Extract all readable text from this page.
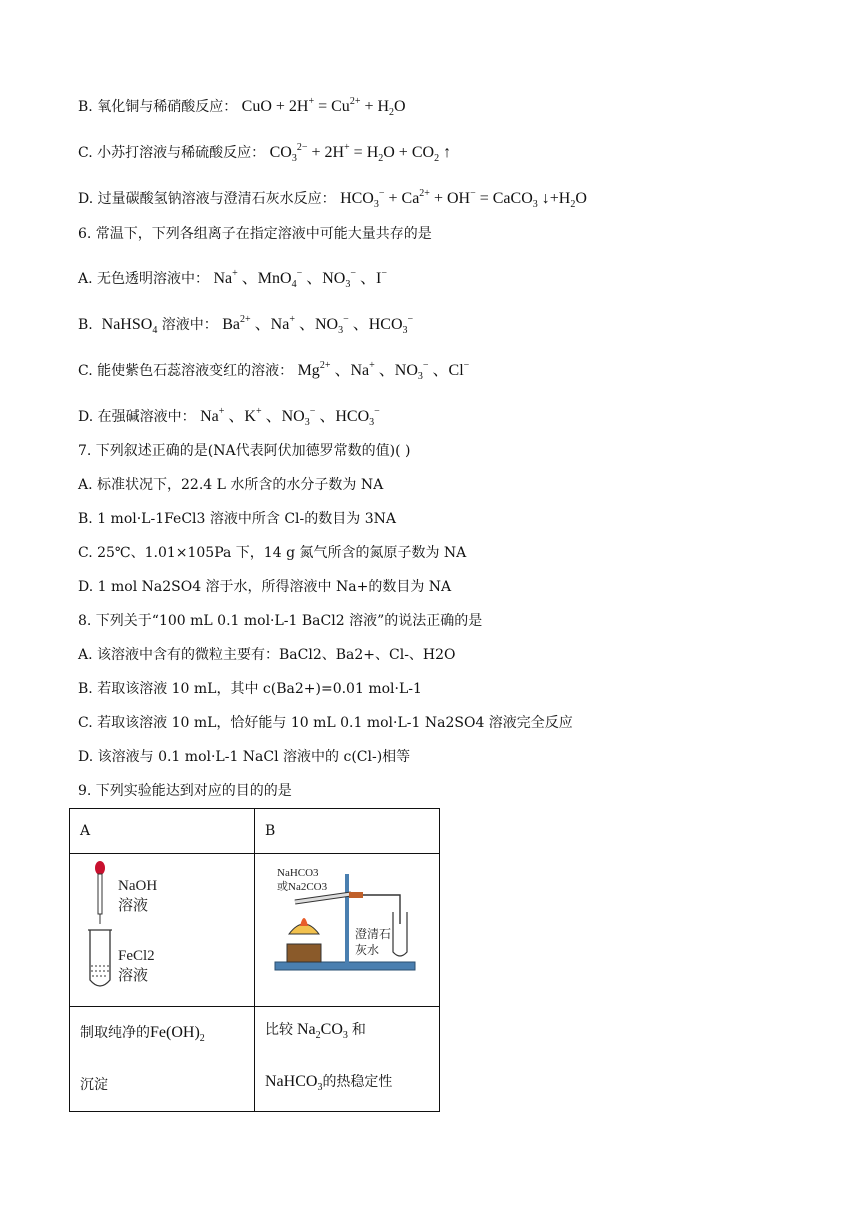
B. 氧化铜与稀硝酸反应： CuO + $2H^+ = Cu^{2+} + H_2O$
C. 小苏打溶液与稀硫酸反应： $CO_3^{2-} + 2H^+ = H_2O + CO_2$ ↑
D. 过量碳酸氢钠溶液与澄清石灰水反应： $HCO_3^- + Ca^{2+} + OH^-$ = CaCO$_3$ $↓+H_2O$
6. 常温下，下列各组离子在指定溶液中可能大量共存的是
A. 无色透明溶液中： Na+ 、MnO$_4$− 、$NO_3^-$ 、I−
B.  NaHSO$_4$ 溶液中： $Ba^{2+}$ 、Na+ 、$NO_3^-$ 、$HCO_3^-$
C. 能使紫色石蕊溶液变红的溶液： $Mg^{2+}$ 、Na+ 、$NO_3^-$ 、Cl−
D. 在强碱溶液中： Na+ 、K+ 、$NO_3^-$ 、$HCO_3^-$
7. 下列叙述正确的是(NA代表阿伏加德罗常数的值)( )
A. 标准状况下，22.4 L 水所含的水分子数为 NA
B. 1 mol·L-1FeCl3 溶液中所含 Cl-的数目为 3NA
C. 25℃、1.01×105Pa 下，14 g 氮气所含的氮原子数为 NA
D. 1 mol Na2SO4 溶于水，所得溶液中 Na+的数目为 NA
8. 下列关于“100 mL 0.1 mol·L-1 BaCl2 溶液”的说法正确的是
A. 该溶液中含有的微粒主要有：BaCl2、Ba2+、Cl-、H2O
B. 若取该溶液 10 mL，其中 c(Ba2+)=0.01 mol·L-1
C. 若取该溶液 10 mL，恰好能与 10 mL 0.1 mol·L-1 Na2SO4 溶液完全反应
D. 该溶液与 0.1 mol·L-1 NaCl 溶液中的 c(Cl-)相等
9. 下列实验能达到对应的目的的是
A	B

NaOH
溶液
FeCl2
溶液	NaHCO3
或Na2CO3
澄清石
灰水

制取纯净的$Fe(OH)_2$
沉淀	比较 $Na_2CO_3$ 和
NaHCO$_3$的热稳定性
